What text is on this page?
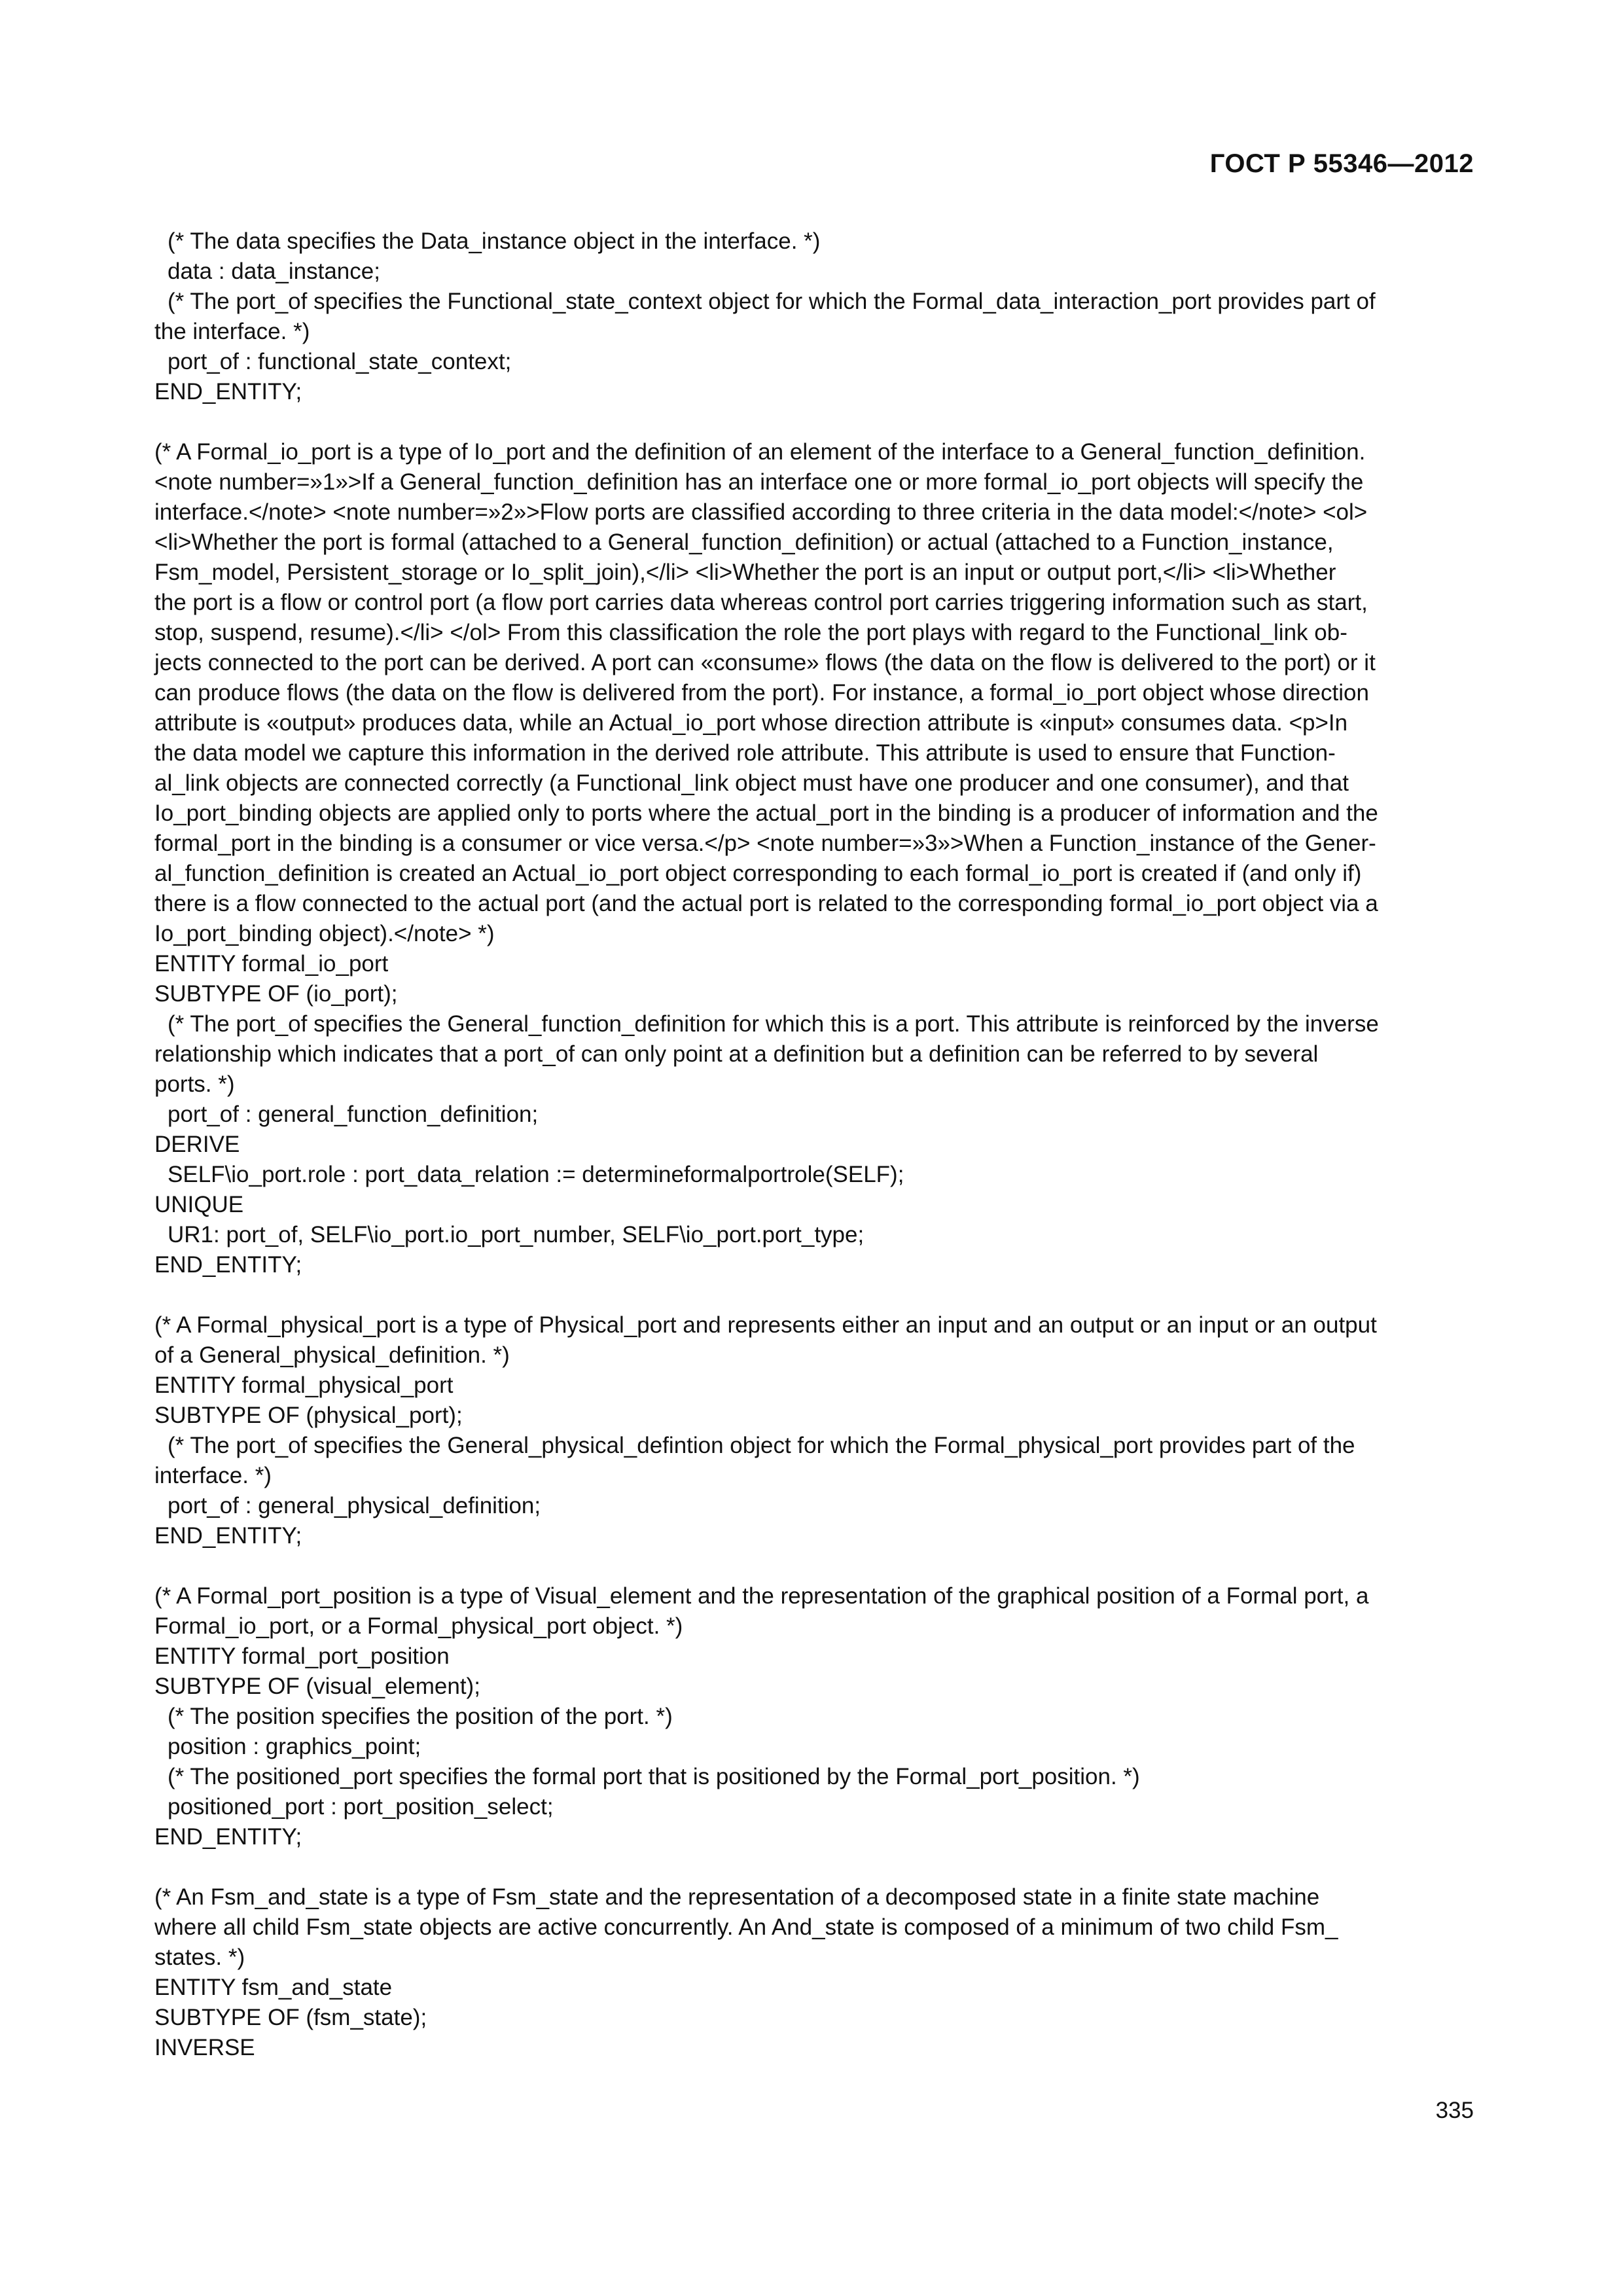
ГОСТ Р 55346—2012
(* The data specifies the Data_instance object in the interface. *)
data : data_instance;
(* The port_of specifies the Functional_state_context object for which the Formal_data_interaction_port provides part of
the interface. *)
port_of : functional_state_context;
END_ENTITY;
(* A Formal_io_port is a type of Io_port and the definition of an element of the interface to a General_function_definition.
<note number=»1»>If a General_function_definition has an interface one or more formal_io_port objects will specify the
interface.</note> <note number=»2»>Flow ports are classified according to three criteria in the data model:</note> <ol>
<li>Whether the port is formal (attached to a General_function_definition) or actual (attached to a Function_instance,
Fsm_model, Persistent_storage or Io_split_join),</li> <li>Whether the port is an input or output port,</li> <li>Whether
the port is a flow or control port (a flow port carries data whereas control port carries triggering information such as start,
stop, suspend, resume).</li> </ol> From this classification the role the port plays with regard to the Functional_link ob-
jects connected to the port can be derived. A port can «consume» flows (the data on the flow is delivered to the port) or it
can produce flows (the data on the flow is delivered from the port). For instance, a formal_io_port object whose direction
attribute is «output» produces data, while an Actual_io_port whose direction attribute is «input» consumes data. <p>In
the data model we capture this information in the derived role attribute. This attribute is used to ensure that Function-
al_link objects are connected correctly (a Functional_link object must have one producer and one consumer), and that
Io_port_binding objects are applied only to ports where the actual_port in the binding is a producer of information and the
formal_port in the binding is a consumer or vice versa.</p> <note number=»3»>When a Function_instance of the Gener-
al_function_definition is created an Actual_io_port object corresponding to each formal_io_port is created if (and only if)
there is a flow connected to the actual port (and the actual port is related to the corresponding formal_io_port object via a
Io_port_binding object).</note> *)
ENTITY formal_io_port
SUBTYPE OF (io_port);
(* The port_of specifies the General_function_definition for which this is a port. This attribute is reinforced by the inverse
relationship which indicates that a port_of can only point at a definition but a definition can be referred to by several
ports. *)
port_of : general_function_definition;
DERIVE
SELF\io_port.role : port_data_relation := determineformalportrole(SELF);
UNIQUE
UR1: port_of, SELF\io_port.io_port_number, SELF\io_port.port_type;
END_ENTITY;
(* A Formal_physical_port is a type of Physical_port and represents either an input and an output or an input or an output
of a General_physical_definition. *)
ENTITY formal_physical_port
SUBTYPE OF (physical_port);
(* The port_of specifies the General_physical_defintion object for which the Formal_physical_port provides part of the
interface. *)
port_of : general_physical_definition;
END_ENTITY;
(* A Formal_port_position is a type of Visual_element and the representation of the graphical position of a Formal port, a
Formal_io_port, or a Formal_physical_port object. *)
ENTITY formal_port_position
SUBTYPE OF (visual_element);
(* The position specifies the position of the port. *)
position : graphics_point;
(* The positioned_port specifies the formal port that is positioned by the Formal_port_position. *)
positioned_port : port_position_select;
END_ENTITY;
(* An Fsm_and_state is a type of Fsm_state and the representation of a decomposed state in a finite state machine
where all child Fsm_state objects are active concurrently. An And_state is composed of a minimum of two child Fsm_
states. *)
ENTITY fsm_and_state
SUBTYPE OF (fsm_state);
INVERSE
335
